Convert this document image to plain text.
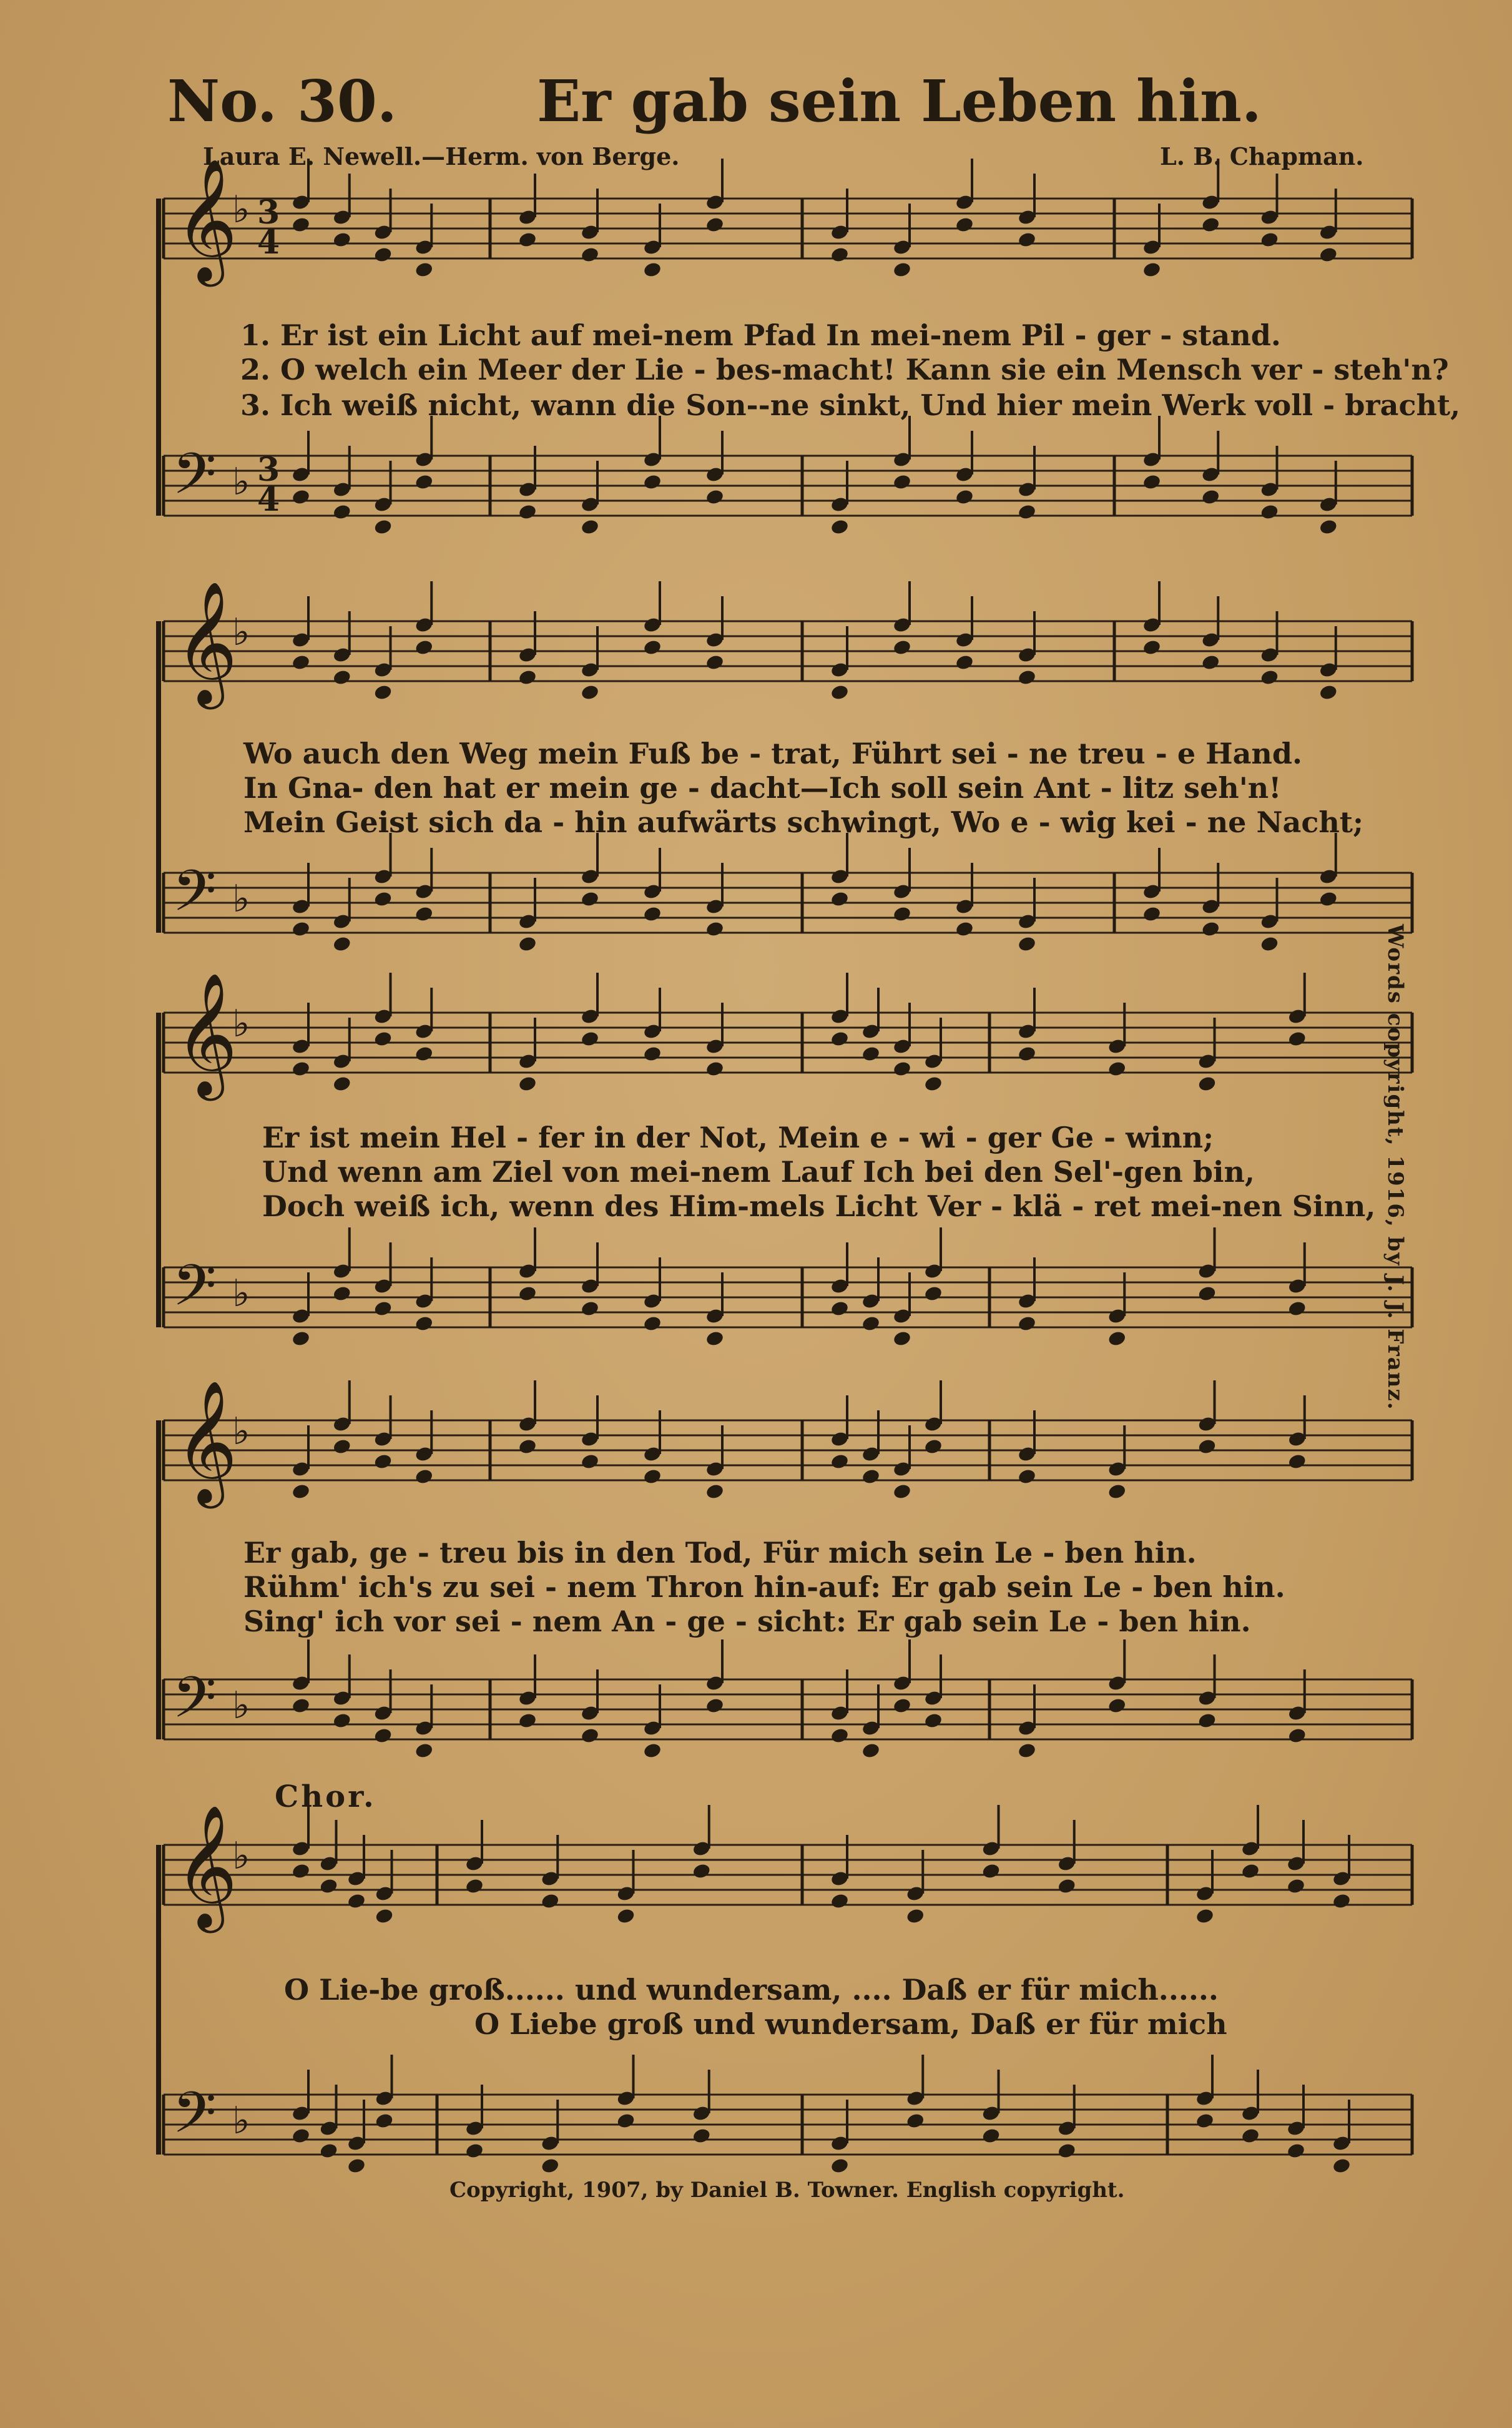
No. 30. Er gab sein Leben hin.
Laura E. Newell.—Herm. von Berge.	L. B. Chapman.
𝄞
♭
𝄢 ♭
𝄞
♭
𝄢 ♭
𝄞
♭
𝄢 ♭
𝄞
♭
𝄢 ♭
𝄞
♭
𝄢 ♭
3
4
3
4
1. Er ist ein Licht auf mei-nem Pfad In mei-nem Pil - ger - stand.
2. O welch ein Meer der Lie - bes-macht! Kann sie ein Mensch ver - steh'n?
3. Ich weiß nicht, wann die Son--ne sinkt, Und hier mein Werk voll - bracht,
Wo auch den Weg mein Fuß be - trat, Führt sei - ne treu - e Hand.
In Gna- den hat er mein ge - dacht—Ich soll sein Ant - litz seh'n!
Mein Geist sich da - hin aufwärts schwingt, Wo e - wig kei - ne Nacht;
Er ist mein Hel - fer in der Not, Mein e - wi - ger Ge - winn;
Und wenn am Ziel von mei-nem Lauf Ich bei den Sel'-gen bin,
Doch weiß ich, wenn des Him-mels Licht Ver - klä - ret mei-nen Sinn,
Er gab, ge - treu bis in den Tod, Für mich sein Le - ben hin.
Rühm' ich's zu sei - nem Thron hin-auf: Er gab sein Le - ben hin.
Sing' ich vor sei - nem An - ge - sicht: Er gab sein Le - ben hin.
Chor.
O Lie-be groß...... und wundersam, .... Daß er für mich......
O Liebe groß und wundersam, Daß er für mich
Words copyright, 1916, by J. J. Franz.
Copyright, 1907, by Daniel B. Towner. English copyright.
